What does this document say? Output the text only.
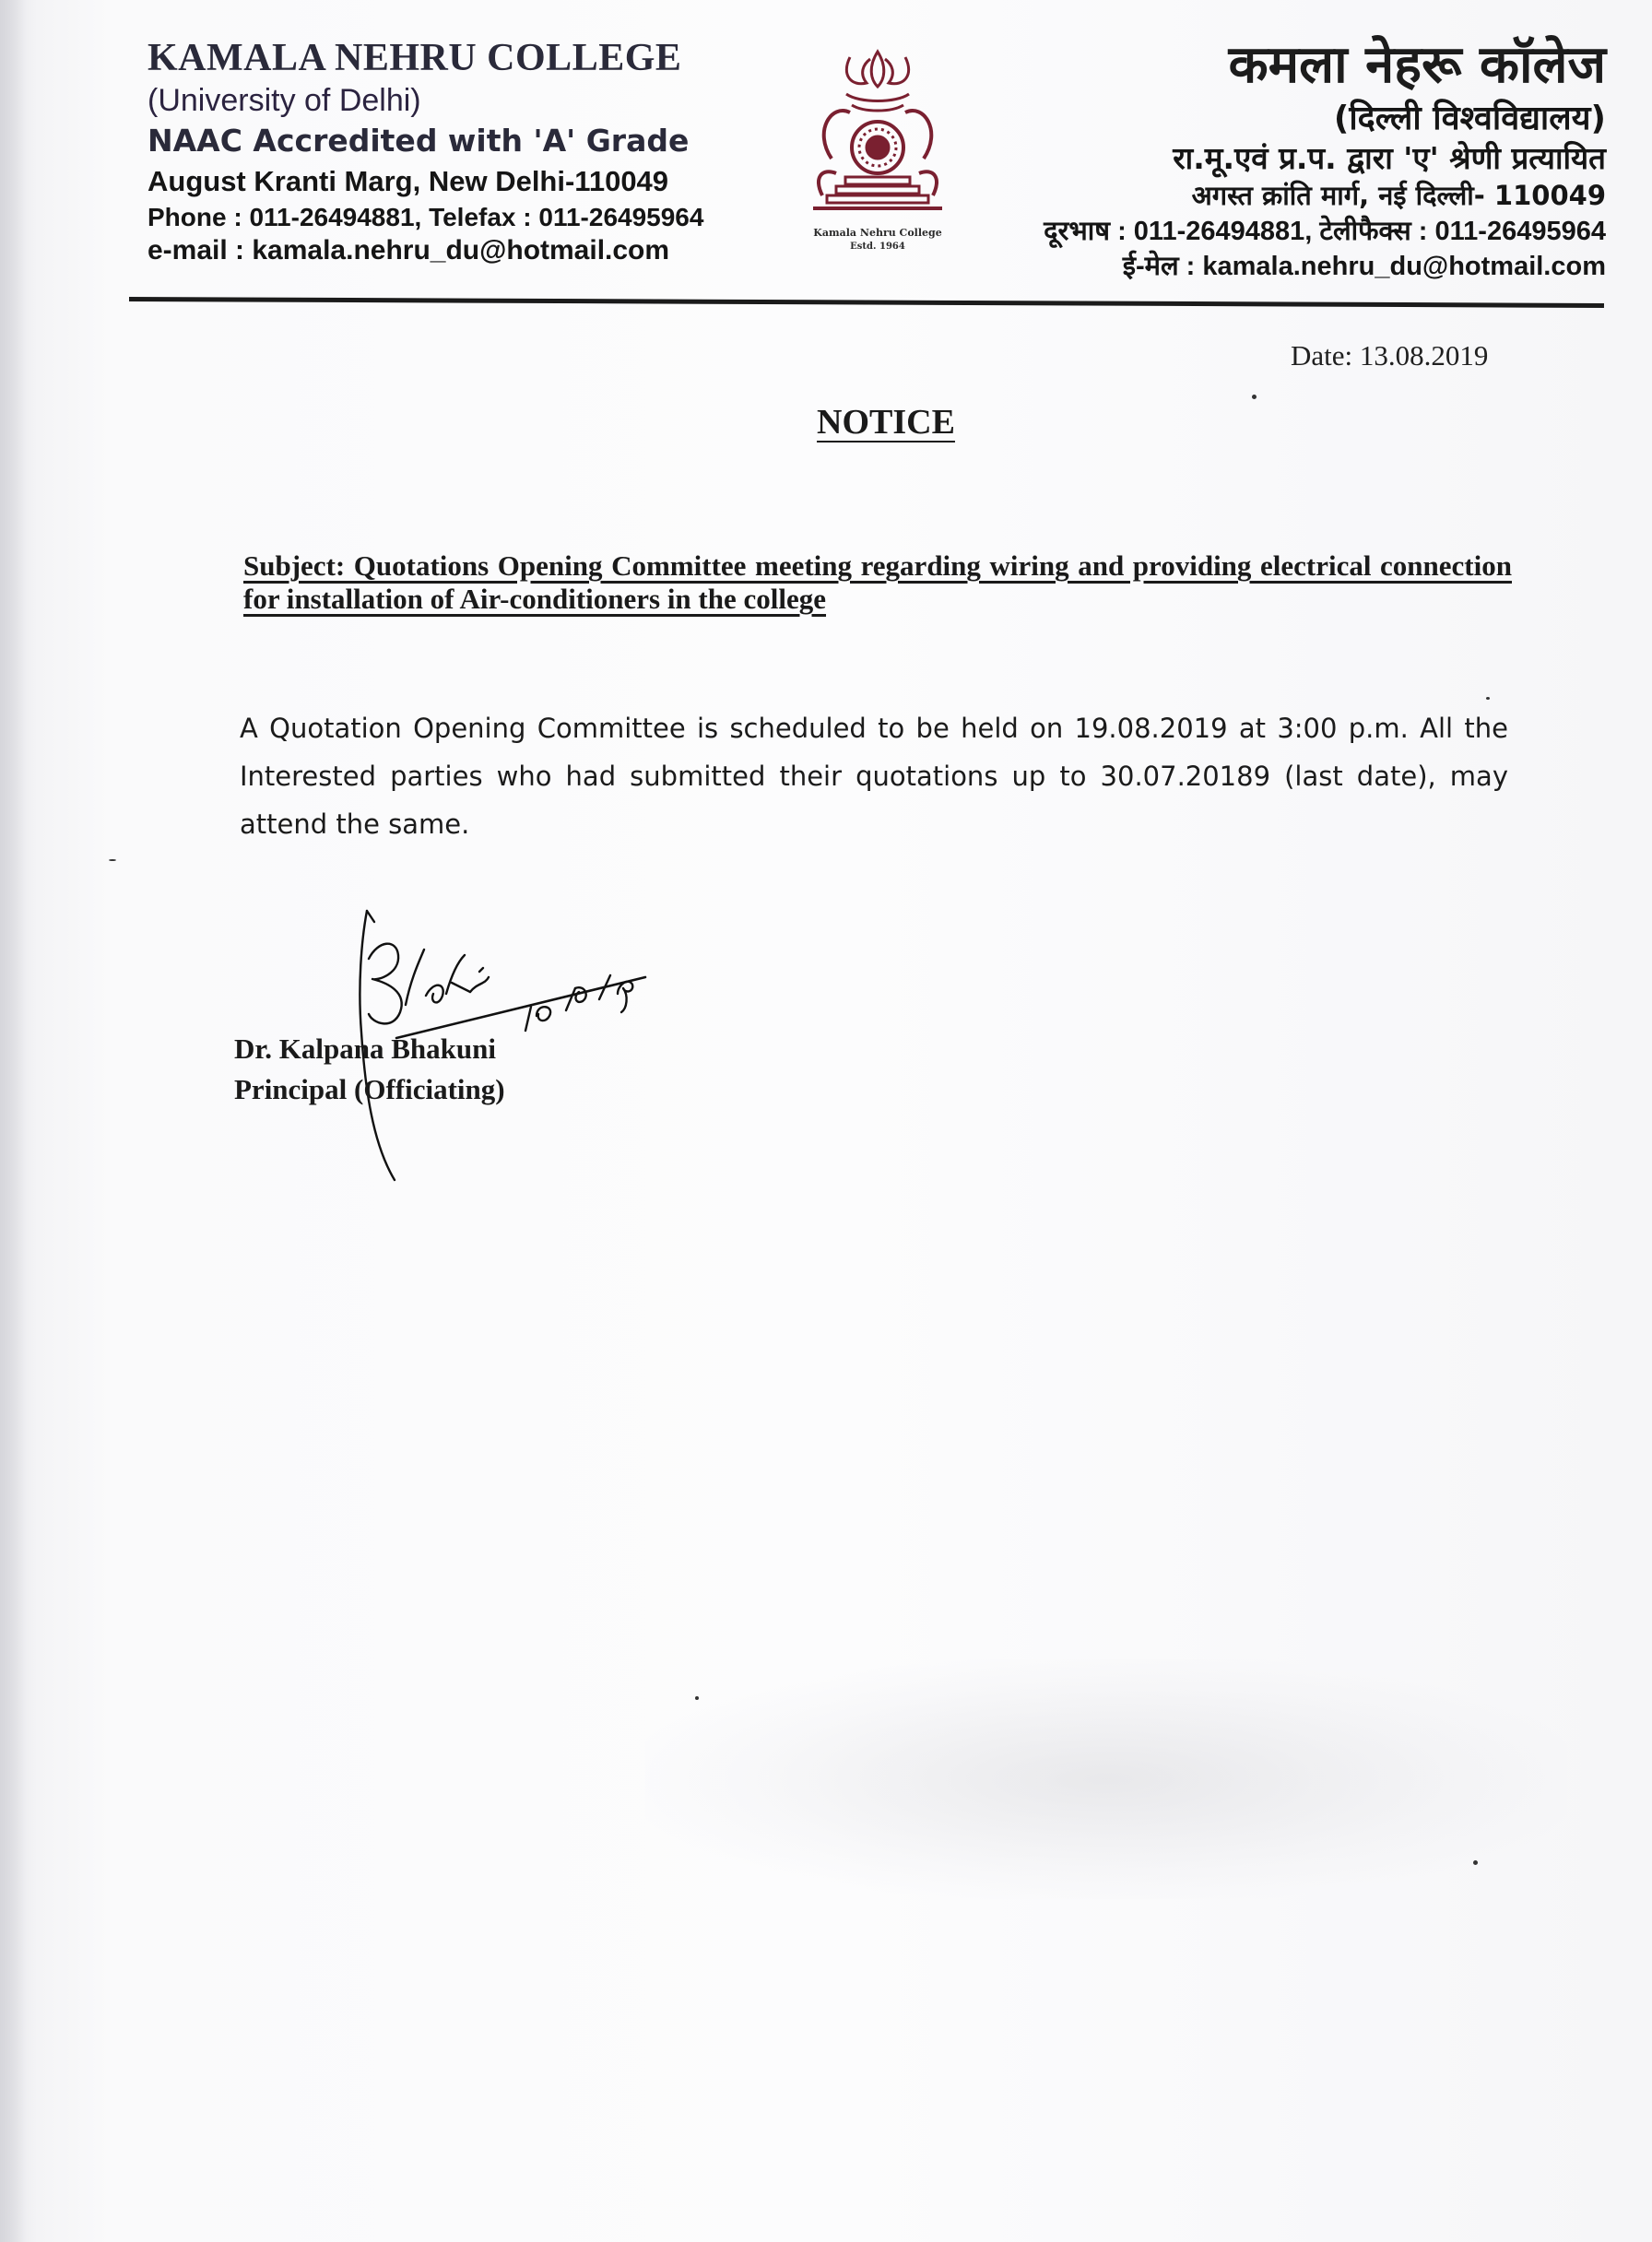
KAMALA NEHRU COLLEGE
(University of Delhi)
NAAC Accredited with 'A' Grade
August Kranti Marg, New Delhi-110049
Phone : 011-26494881, Telefax : 011-26495964
e-mail : kamala.nehru_du@hotmail.com
Kamala Nehru College
Estd. 1964
कमला नेहरू कॉलेज
(दिल्ली विश्वविद्यालय)
रा.मू.एवं प्र.प. द्वारा 'ए' श्रेणी प्रत्यायित
अगस्त क्रांति मार्ग, नई दिल्ली- 110049
दूरभाष : 011-26494881, टेलीफैक्स : 011-26495964
ई-मेल : kamala.nehru_du@hotmail.com
Date: 13.08.2019
NOTICE
Subject: Quotations Opening Committee meeting regarding wiring and providing electrical connection for installation of Air-conditioners in the college
A Quotation Opening Committee is scheduled to be held on 19.08.2019 at 3:00 p.m. All the Interested parties who had submitted their quotations up to 30.07.20189 (last date), may attend the same.
Dr. Kalpana Bhakuni
Principal (Officiating)
